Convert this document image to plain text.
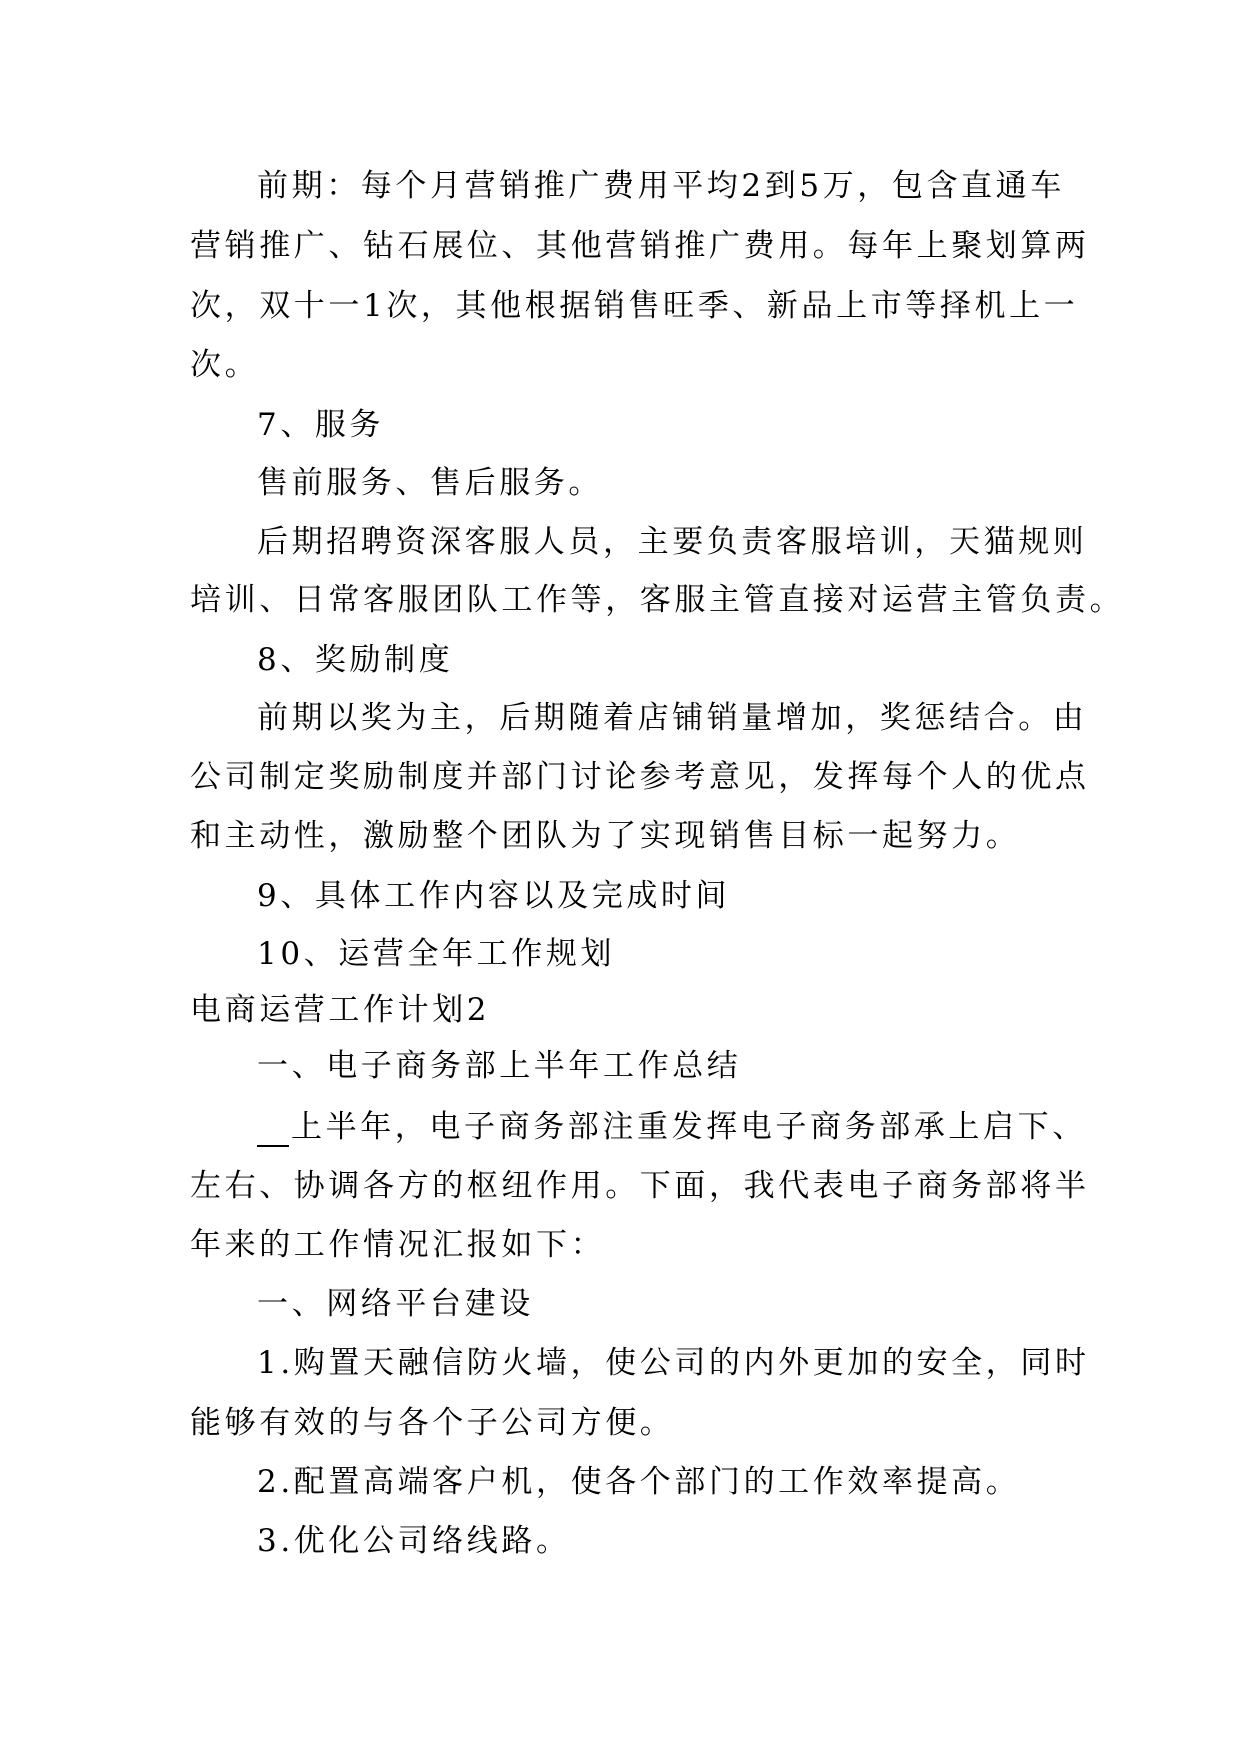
前期：每个月营销推广费用平均2到5万，包含直通车
营销推广、钻石展位、其他营销推广费用。每年上聚划算两
次，双十一1次，其他根据销售旺季、新品上市等择机上一
次。
7、服务
售前服务、售后服务。
后期招聘资深客服人员，主要负责客服培训，天猫规则
培训、日常客服团队工作等，客服主管直接对运营主管负责。
8、奖励制度
前期以奖为主，后期随着店铺销量增加，奖惩结合。由
公司制定奖励制度并部门讨论参考意见，发挥每个人的优点
和主动性，激励整个团队为了实现销售目标一起努力。
9、具体工作内容以及完成时间
10、运营全年工作规划
电商运营工作计划2
一、电子商务部上半年工作总结
上半年，电子商务部注重发挥电子商务部承上启下、
左右、协调各方的枢纽作用。下面，我代表电子商务部将半
年来的工作情况汇报如下：
一、网络平台建设
1.购置天融信防火墙，使公司的内外更加的安全，同时
能够有效的与各个子公司方便。
2.配置高端客户机，使各个部门的工作效率提高。
3.优化公司络线路。
